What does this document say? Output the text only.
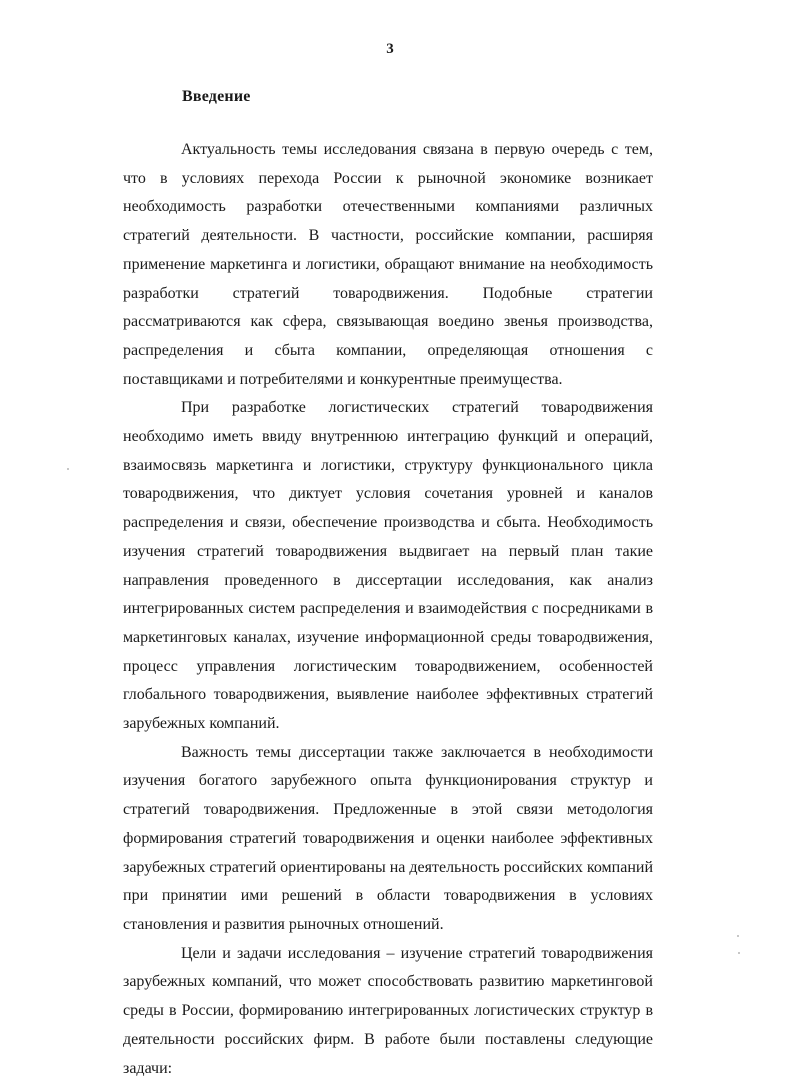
3
Введение

Актуальность темы исследования связана в первую очередь с тем, что в условиях перехода России к рыночной экономике возникает необходимость разработки отечественными компаниями различных стратегий деятельности. В частности, российские компании, расширяя применение маркетинга и логистики, обращают внимание на необходимость разработки стратегий товародвижения. Подобные стратегии рассматриваются как сфера, связывающая воедино звенья производства, распределения и сбыта компании, определяющая отношения с поставщиками и потребителями и конкурентные преимущества.

При разработке логистических стратегий товародвижения необходимо иметь ввиду внутреннюю интеграцию функций и операций, взаимосвязь маркетинга и логистики, структуру функционального цикла товародвижения, что диктует условия сочетания уровней и каналов распределения и связи, обеспечение производства и сбыта. Необходимость изучения стратегий товародвижения выдвигает на первый план такие направления проведенного в диссертации исследования, как анализ интегрированных систем распределения и взаимодействия с посредниками в маркетинговых каналах, изучение информационной среды товародвижения, процесс управления логистическим товародвижением, особенностей глобального товародвижения, выявление наиболее эффективных стратегий зарубежных компаний.

Важность темы диссертации также заключается в необходимости изучения богатого зарубежного опыта функционирования структур и стратегий товародвижения. Предложенные в этой связи методология формирования стратегий товародвижения и оценки наиболее эффективных зарубежных стратегий ориентированы на деятельность российских компаний при принятии ими решений в области товародвижения в условиях становления и развития рыночных отношений.

Цели и задачи исследования – изучение стратегий товародвижения зарубежных компаний, что может способствовать развитию маркетинговой среды в России, формированию интегрированных логистических структур в деятельности российских фирм. В работе были поставлены следующие задачи:
